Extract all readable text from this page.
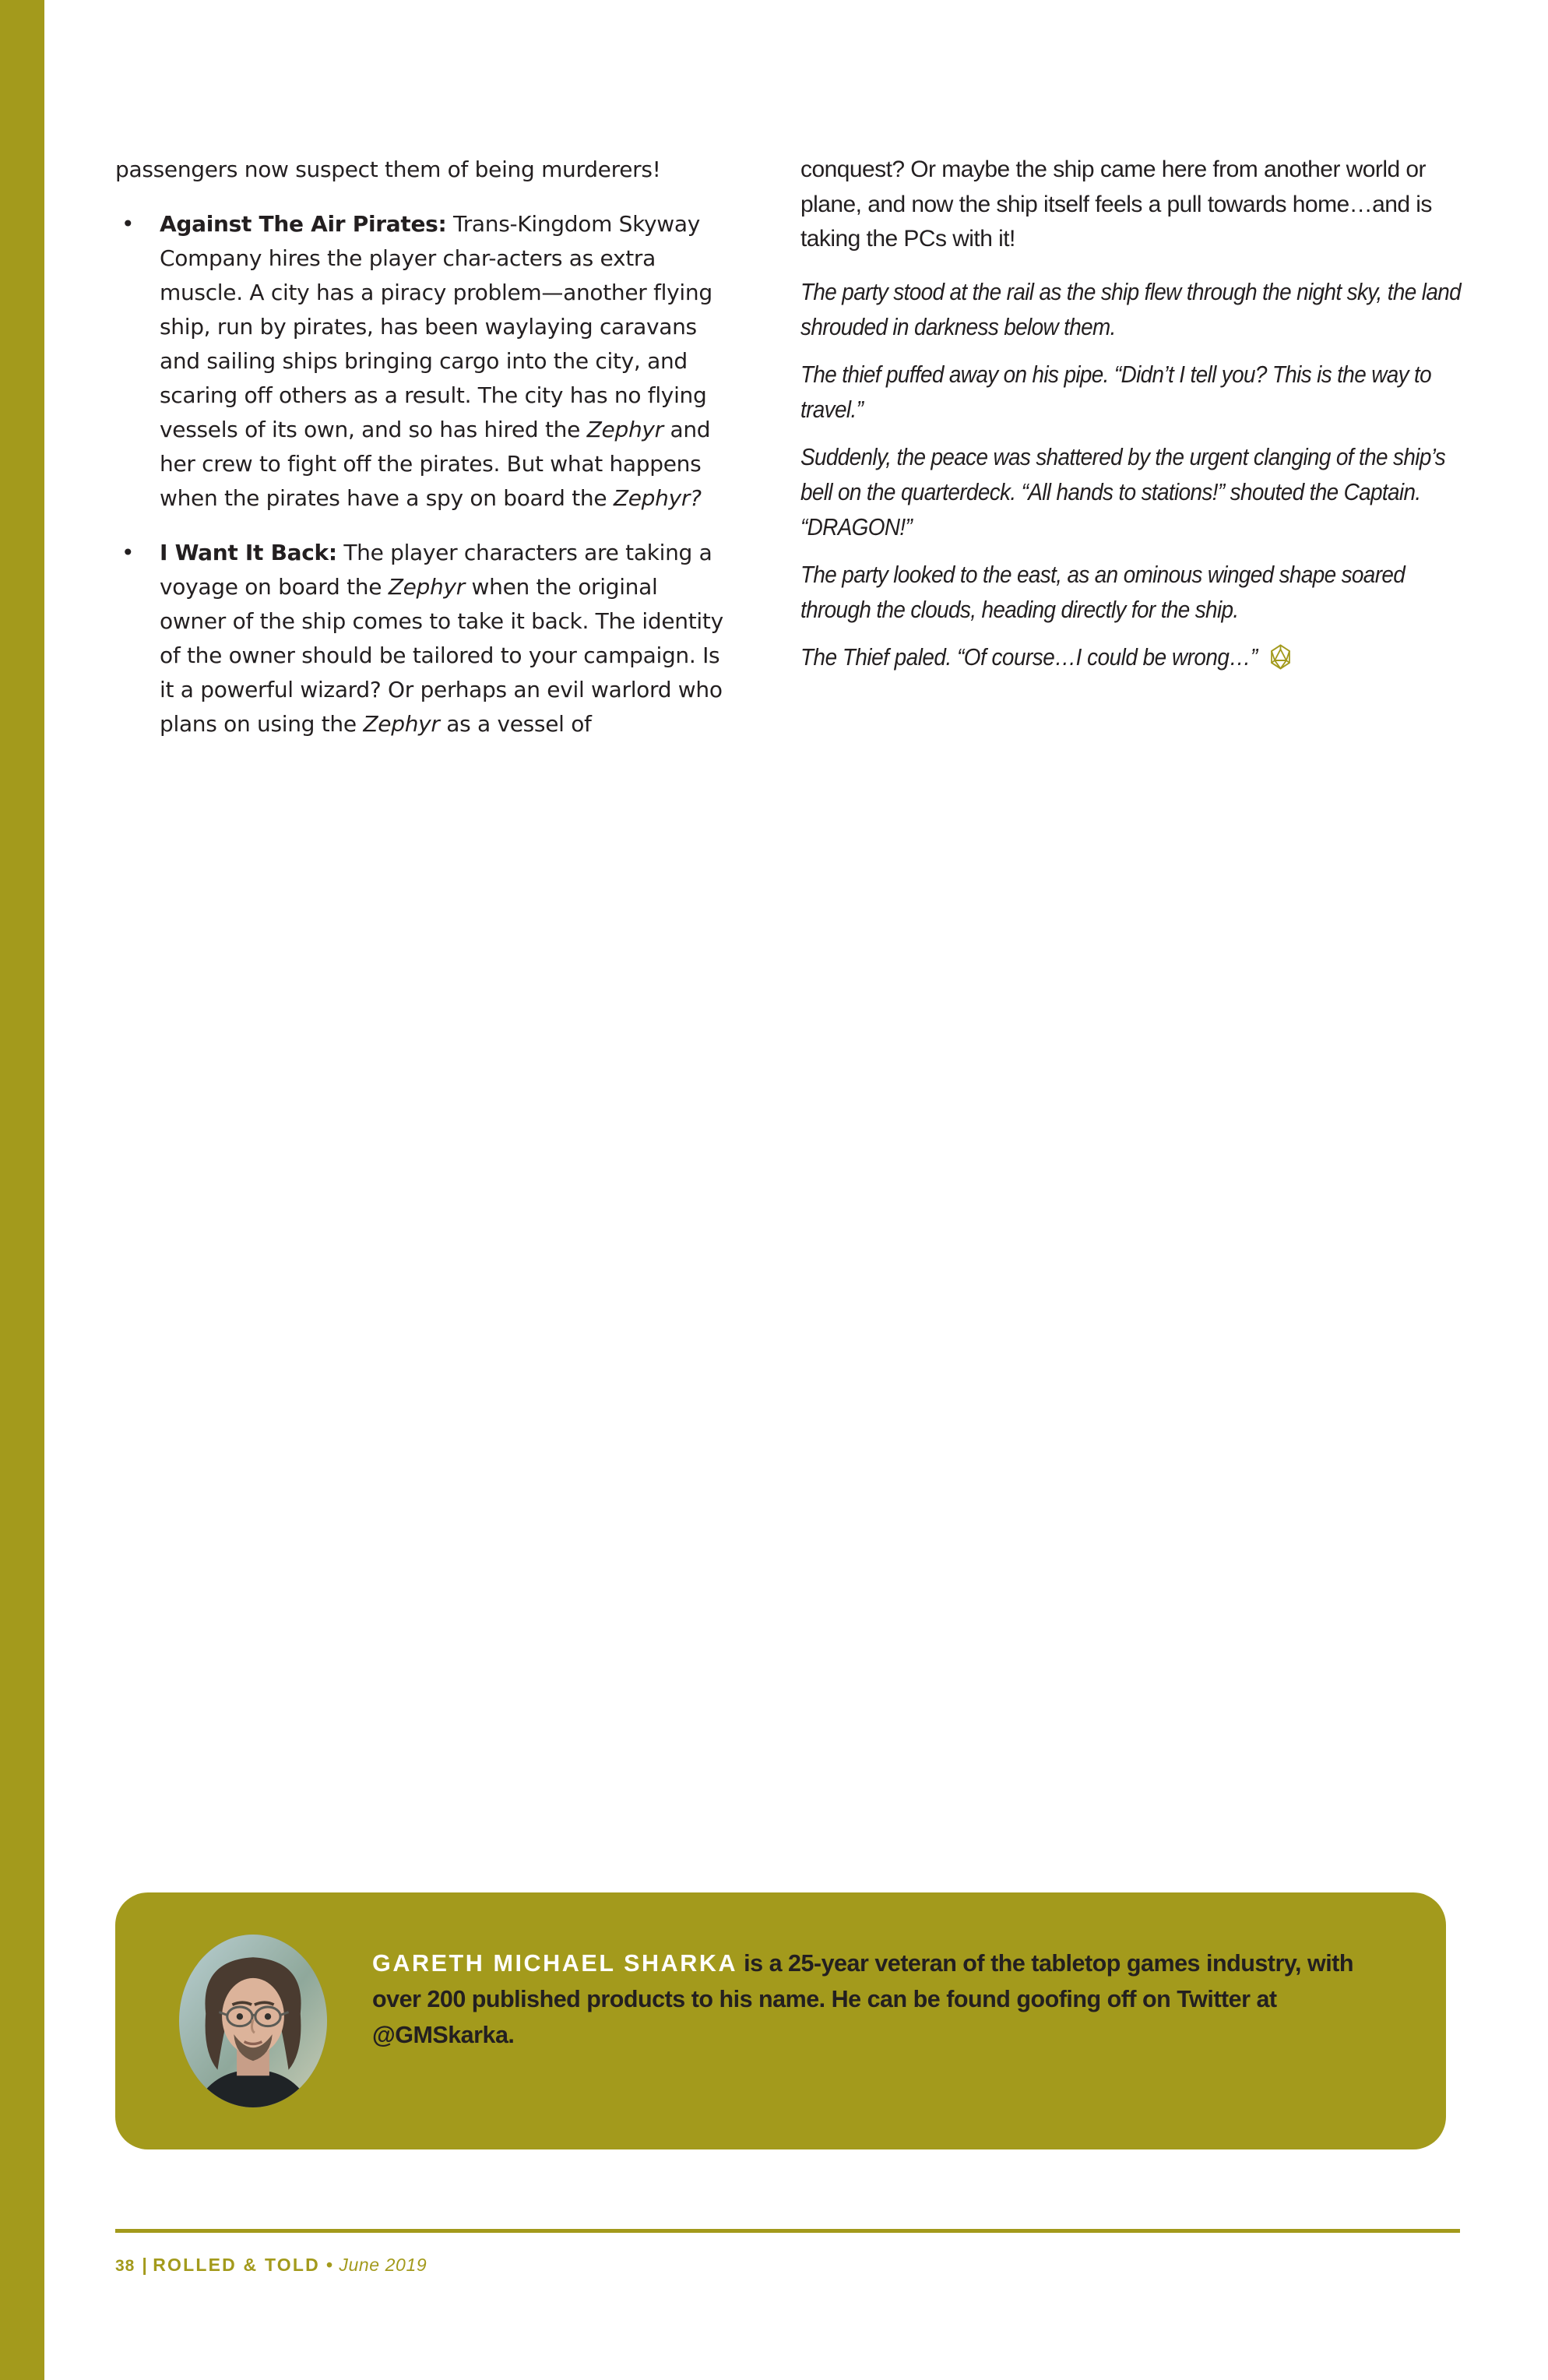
passengers now suspect them of being murderers!

• Against The Air Pirates: Trans-Kingdom Skyway Company hires the player char-acters as extra muscle. A city has a piracy problem—another flying ship, run by pirates, has been waylaying caravans and sailing ships bringing cargo into the city, and scaring off others as a result. The city has no flying vessels of its own, and so has hired the Zephyr and her crew to fight off the pirates. But what happens when the pirates have a spy on board the Zephyr?
• I Want It Back: The player characters are taking a voyage on board the Zephyr when the original owner of the ship comes to take it back. The identity of the owner should be tailored to your campaign. Is it a powerful wizard? Or perhaps an evil warlord who plans on using the Zephyr as a vessel of

conquest? Or maybe the ship came here from another world or plane, and now the ship itself feels a pull towards home…and is taking the PCs with it!

The party stood at the rail as the ship flew through the night sky, the land shrouded in darkness below them.

The thief puffed away on his pipe. “Didn’t I tell you? This is the way to travel.”

Suddenly, the peace was shattered by the urgent clanging of the ship’s bell on the quarterdeck. “All hands to stations!” shouted the Captain. “DRAGON!”

The party looked to the east, as an ominous winged shape soared through the clouds, heading directly for the ship.

The Thief paled. “Of course…I could be wrong…”

GARETH MICHAEL SHARKA is a 25-year veteran of the tabletop games industry, with over 200 published products to his name. He can be found goofing off on Twitter at @GMSkarka.
38 | ROLLED & TOLD • June 2019
